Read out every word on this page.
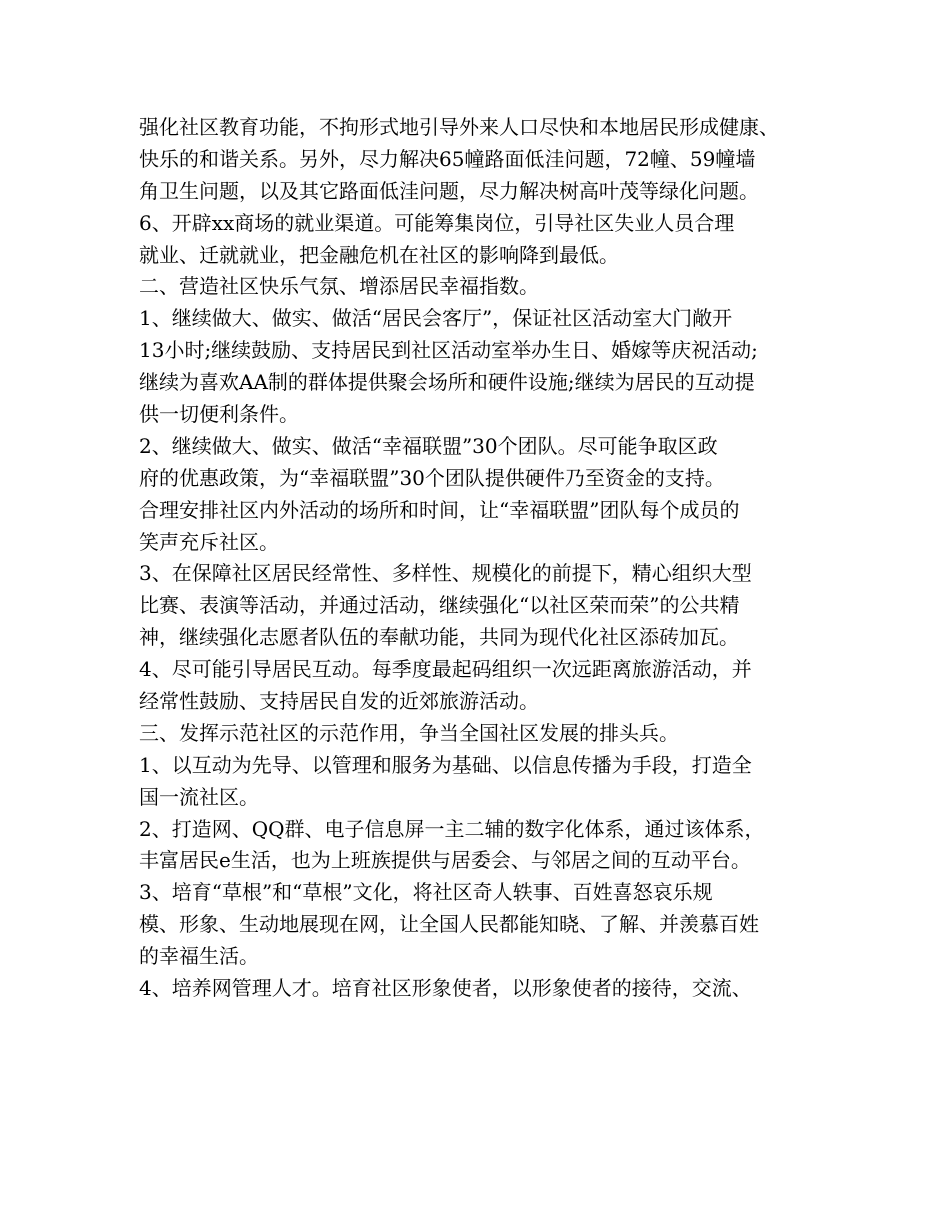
强化社区教育功能，不拘形式地引导外来人口尽快和本地居民形成健康、
快乐的和谐关系。另外，尽力解决65幢路面低洼问题，72幢、59幢墙
角卫生问题，以及其它路面低洼问题，尽力解决树高叶茂等绿化问题。
6、开辟xx商场的就业渠道。可能筹集岗位，引导社区失业人员合理
就业、迁就就业，把金融危机在社区的影响降到最低。
二、营造社区快乐气氛、增添居民幸福指数。
1、继续做大、做实、做活“居民会客厅”，保证社区活动室大门敞开
13小时;继续鼓励、支持居民到社区活动室举办生日、婚嫁等庆祝活动;
继续为喜欢AA制的群体提供聚会场所和硬件设施;继续为居民的互动提
供一切便利条件。
2、继续做大、做实、做活“幸福联盟”30个团队。尽可能争取区政
府的优惠政策，为“幸福联盟”30个团队提供硬件乃至资金的支持。
合理安排社区内外活动的场所和时间，让“幸福联盟”团队每个成员的
笑声充斥社区。
3、在保障社区居民经常性、多样性、规模化的前提下，精心组织大型
比赛、表演等活动，并通过活动，继续强化“以社区荣而荣”的公共精
神，继续强化志愿者队伍的奉献功能，共同为现代化社区添砖加瓦。
4、尽可能引导居民互动。每季度最起码组织一次远距离旅游活动，并
经常性鼓励、支持居民自发的近郊旅游活动。
三、发挥示范社区的示范作用，争当全国社区发展的排头兵。
1、以互动为先导、以管理和服务为基础、以信息传播为手段，打造全
国一流社区。
2、打造网、QQ群、电子信息屏一主二辅的数字化体系，通过该体系，
丰富居民e生活，也为上班族提供与居委会、与邻居之间的互动平台。
3、培育“草根”和“草根”文化，将社区奇人轶事、百姓喜怒哀乐规
模、形象、生动地展现在网，让全国人民都能知晓、了解、并羡慕百姓
的幸福生活。
4、培养网管理人才。培育社区形象使者，以形象使者的接待，交流、
